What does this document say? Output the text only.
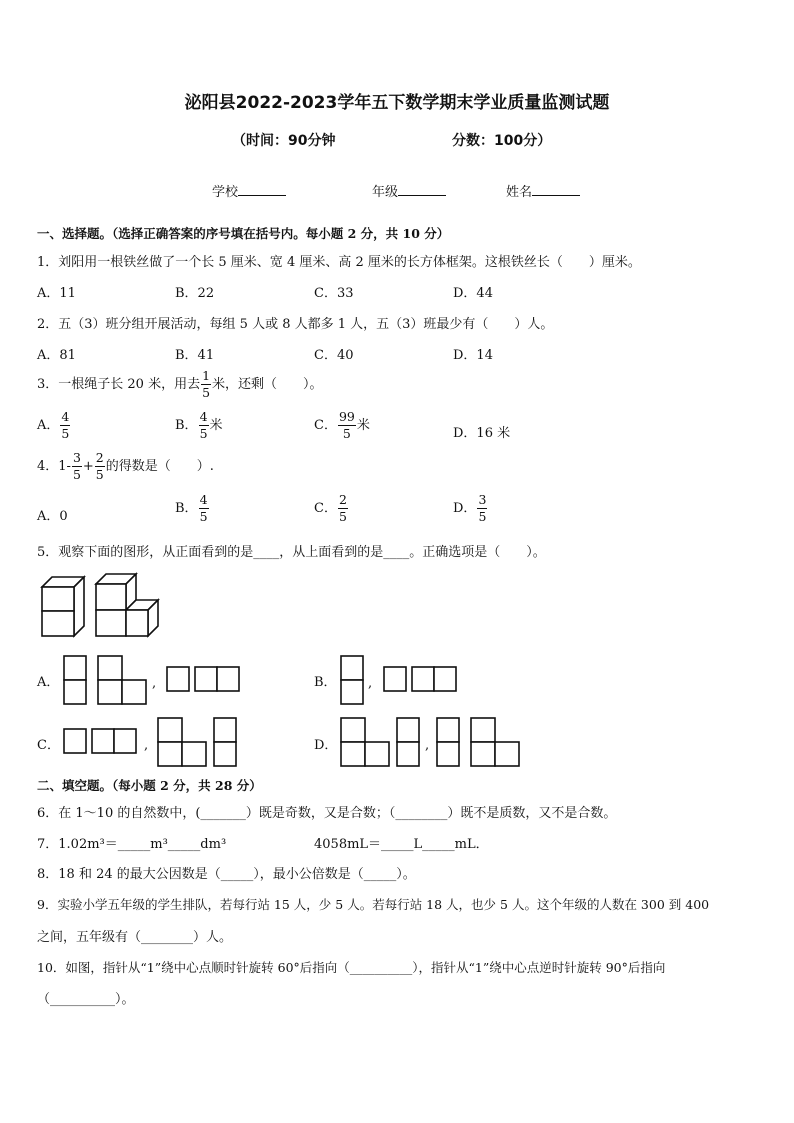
泌阳县2022-2023学年五下数学期末学业质量监测试题
（时间：90分钟	分数：100分）
学校	年级	姓名
一、选择题。（选择正确答案的序号填在括号内。每小题 2 分，共 10 分）
1．刘阳用一根铁丝做了一个长 5 厘米、宽 4 厘米、高 2 厘米的长方体框架。这根铁丝长（　　）厘米。
A．11	B．22	C．33	D．44
2．五（3）班分组开展活动，每组 5 人或 8 人都多 1 人，五（3）班最少有（　　）人。
A．81	B．41	C．40	D．14
3．一根绳子长 20 米，用去 $\frac{1}{5}$ 米，还剩（　　）。
A． $\frac{4}{5}$	B． $\frac{4}{5}$ 米	C． $\frac{99}{5}$ 米
D．16 米
4．$1- \frac{3}{5} + \frac{2}{5}$ 的得数是（　　）.
A．0
B． $\frac{4}{5}$	C． $\frac{2}{5}$	D． $\frac{3}{5}$
5．观察下面的图形，从正面看到的是____，从上面看到的是____。正确选项是（　　）。
A．	,	B． ,
C．	,	D．	,
二、填空题。（每小题 2 分，共 28 分）
6．在 1～10 的自然数中，(_______）既是奇数，又是合数；（________）既不是质数，又不是合数。
7．1.02m³＝_____m³_____dm³	4058mL＝_____L_____mL．
8．18 和 24 的最大公因数是（_____），最小公倍数是（_____）。
9．实验小学五年级的学生排队，若每行站 15 人，少 5 人。若每行站 18 人，也少 5 人。这个年级的人数在 300 到 400
之间，五年级有（________）人。
10．如图，指针从“1”绕中心点顺时针旋转 60°后指向（__________），指针从“1”绕中心点逆时针旋转 90°后指向
（__________）。
